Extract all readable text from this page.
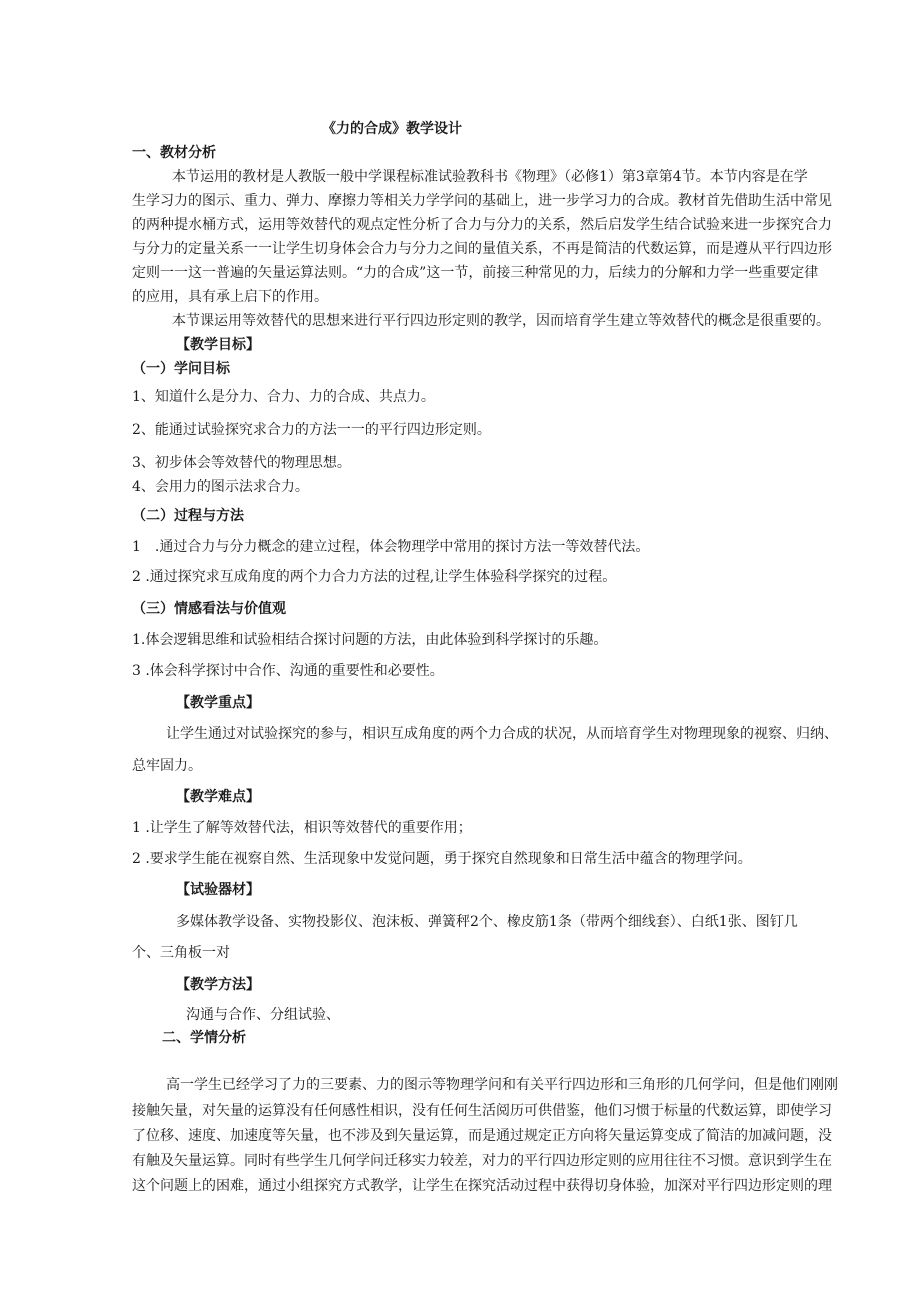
《力的合成》教学设计
一、教材分析
本节运用的教材是人教版一般中学课程标准试验教科书《物理》（必修1）第3章第4节。本节内容是在学
生学习力的图示、重力、弹力、摩擦力等相关力学学问的基础上，进一步学习力的合成。教材首先借助生活中常见
的两种提水桶方式，运用等效替代的观点定性分析了合力与分力的关系，然后启发学生结合试验来进一步探究合力
与分力的定量关系一一让学生切身体会合力与分力之间的量值关系，不再是简洁的代数运算，而是遵从平行四边形
定则一一这一普遍的矢量运算法则。“力的合成”这一节，前接三种常见的力，后续力的分解和力学一些重要定律
的应用，具有承上启下的作用。
本节课运用等效替代的思想来进行平行四边形定则的教学，因而培育学生建立等效替代的概念是很重要的。
【教学目标】
（一）学问目标
1、知道什么是分力、合力、力的合成、共点力。
2、能通过试验探究求合力的方法一一的平行四边形定则。
3、初步体会等效替代的物理思想。
4、会用力的图示法求合力。
（二）过程与方法
1　.通过合力与分力概念的建立过程，体会物理学中常用的探讨方法一等效替代法。
2 .通过探究求互成角度的两个力合力方法的过程,让学生体验科学探究的过程。
（三）情感看法与价值观
1.体会逻辑思维和试验相结合探讨问题的方法，由此体验到科学探讨的乐趣。
3 .体会科学探讨中合作、沟通的重要性和必要性。
【教学重点】
让学生通过对试验探究的参与，相识互成角度的两个力合成的状况，从而培育学生对物理现象的视察、归纳、
总牢固力。
【教学难点】
1 .让学生了解等效替代法，相识等效替代的重要作用；
2 .要求学生能在视察自然、生活现象中发觉问题，勇于探究自然现象和日常生活中蕴含的物理学问。
【试验器材】
多媒体教学设备、实物投影仪、泡沫板、弹簧秤2个、橡皮筋1条（带两个细线套）、白纸1张、图钉几
个、三角板一对
【教学方法】
沟通与合作、分组试验、
二、学情分析
高一学生已经学习了力的三要素、力的图示等物理学问和有关平行四边形和三角形的几何学问，但是他们刚刚
接触矢量，对矢量的运算没有任何感性相识，没有任何生活阅历可供借鉴，他们习惯于标量的代数运算，即使学习
了位移、速度、加速度等矢量，也不涉及到矢量运算，而是通过规定正方向将矢量运算变成了简洁的加减问题，没
有触及矢量运算。同时有些学生几何学问迁移实力较差，对力的平行四边形定则的应用往往不习惯。意识到学生在
这个问题上的困难，通过小组探究方式教学，让学生在探究活动过程中获得切身体验，加深对平行四边形定则的理
